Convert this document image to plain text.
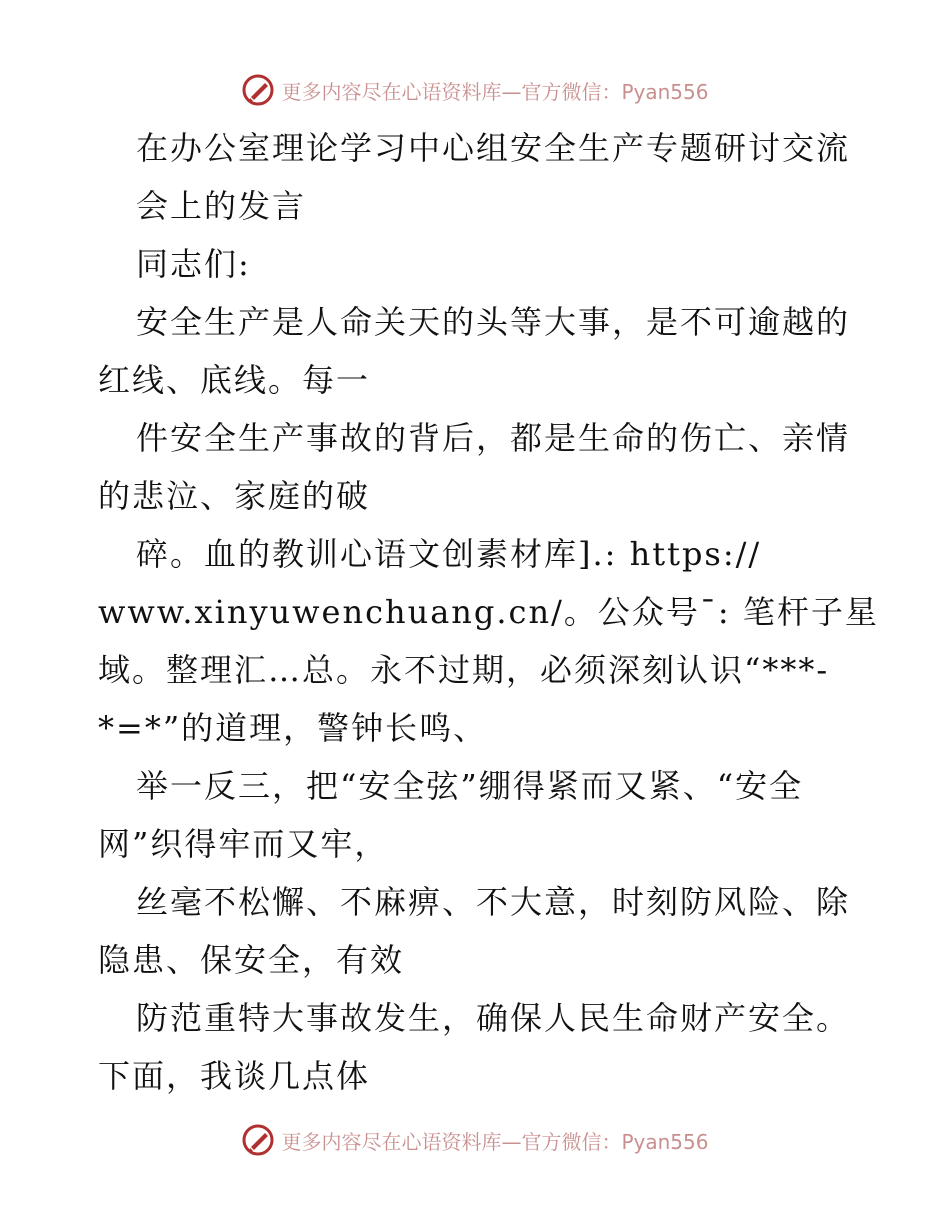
更多内容尽在心语资料库—官方微信：Pyan556
在办公室理论学习中心组安全生产专题研讨交流
会上的发言
同志们:
安全生产是人命关天的头等大事，是不可逾越的
红线、底线。每一
件安全生产事故的背后，都是生命的伤亡、亲情
的悲泣、家庭的破
碎。血的教训心语文创素材库].: https://
www.xinyuwenchuang.cn/。公众号¯: 笔杆子星
域。整理汇…总。永不过期，必须深刻认识“***-
*=*”的道理，警钟长鸣、
举一反三，把“安全弦”绷得紧而又紧、“安全
网”织得牢而又牢，
丝毫不松懈、不麻痹、不大意，时刻防风险、除
隐患、保安全，有效
防范重特大事故发生，确保人民生命财产安全。
下面，我谈几点体
更多内容尽在心语资料库—官方微信：Pyan556
